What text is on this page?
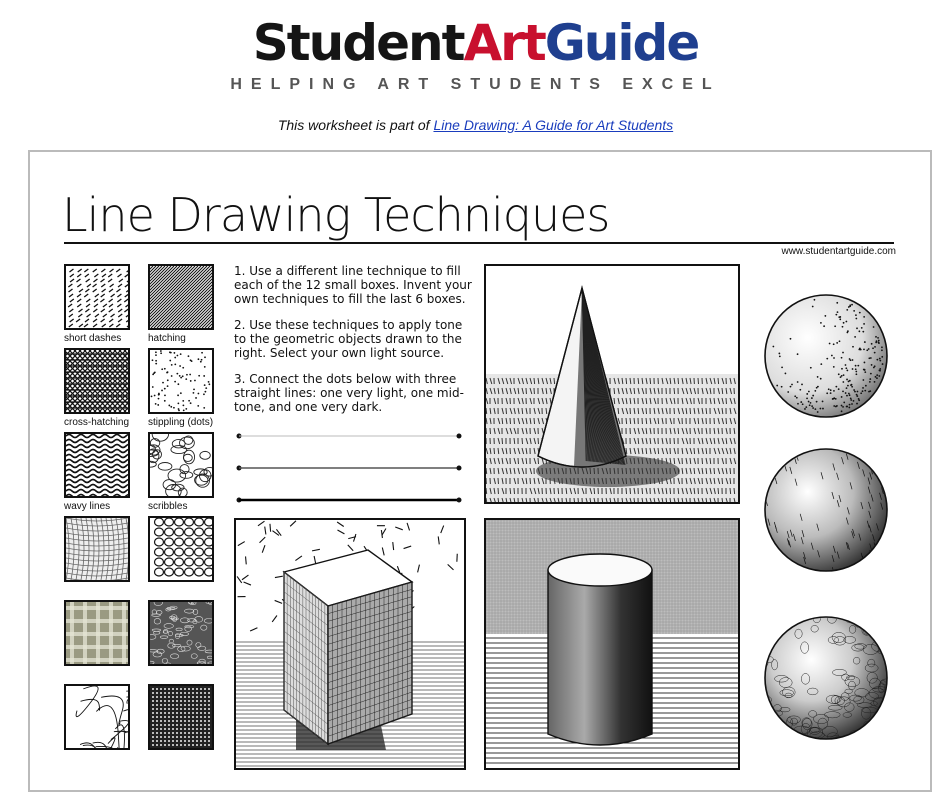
StudentArtGuide
HELPING ART STUDENTS EXCEL
This worksheet is part of Line Drawing: A Guide for Art Students
Line Drawing Techniques
www.studentartguide.com
short dashes	hatching
cross-hatching stippling (dots)
wavy lines	scribbles

1. Use a different line technique to fill each of the 12 small boxes. Invent your own techniques to fill the last 6 boxes.

2. Use these techniques to apply tone to the geometric objects drawn to the right. Select your own light source.

3. Connect the dots below with three straight lines: one very light, one mid-tone, and one very dark.
